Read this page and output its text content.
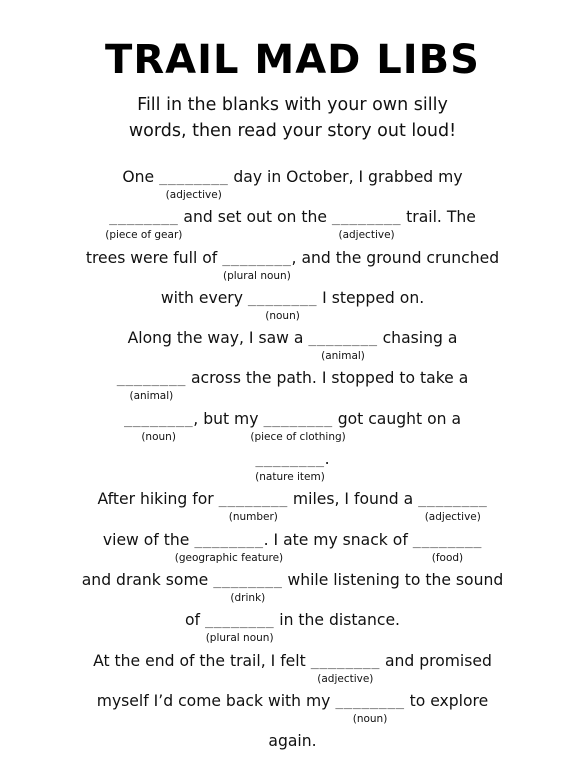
TRAIL MAD LIBS
Fill in the blanks with your own silly
words, then read your story out loud!
One ________
(adjective)
day in October, I grabbed my
________
(piece of gear)
and set out on the ________
(adjective)
trail. The
trees were full of ________
(plural noun)
, and the ground crunched
with every ________
(noun)
I stepped on.
Along the way, I saw a ________
(animal)
chasing a
________
(animal)
across the path. I stopped to take a
________
(noun)
, but my ________
(piece of clothing)
got caught on a
________
(nature item)
.
After hiking for ________
(number)
miles, I found a ________
(adjective)
view of the ________
(geographic feature)
. I ate my snack of ________
(food)
and drank some ________
(drink)
while listening to the sound
of ________
(plural noun)
in the distance.
At the end of the trail, I felt ________
(adjective)
and promised
myself I’d come back with my ________
(noun)
to explore
again.
